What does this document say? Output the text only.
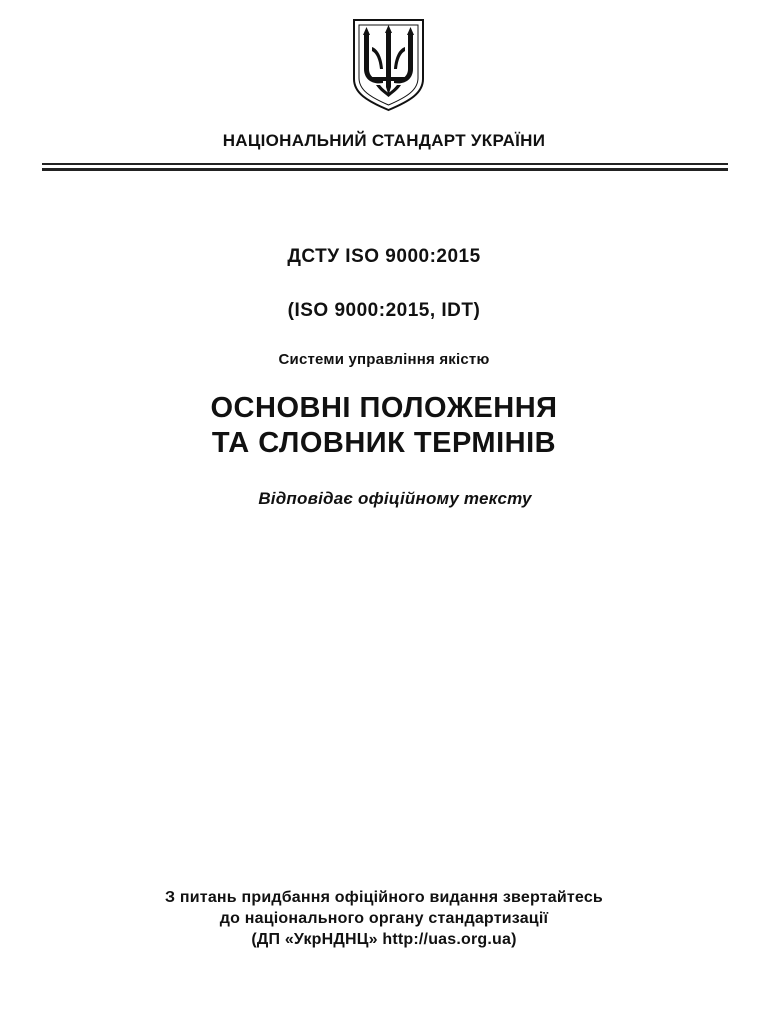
НАЦІОНАЛЬНИЙ СТАНДАРТ УКРАЇНИ
ДСТУ ISO 9000:2015
(ISO 9000:2015, IDT)
Системи управління якістю
ОСНОВНІ ПОЛОЖЕННЯ
ТА СЛОВНИК ТЕРМІНІВ
Відповідає офіційному тексту
З питань придбання офіційного видання звертайтесь
до національного органу стандартизації
(ДП «УкрНДНЦ» http://uas.org.ua)
